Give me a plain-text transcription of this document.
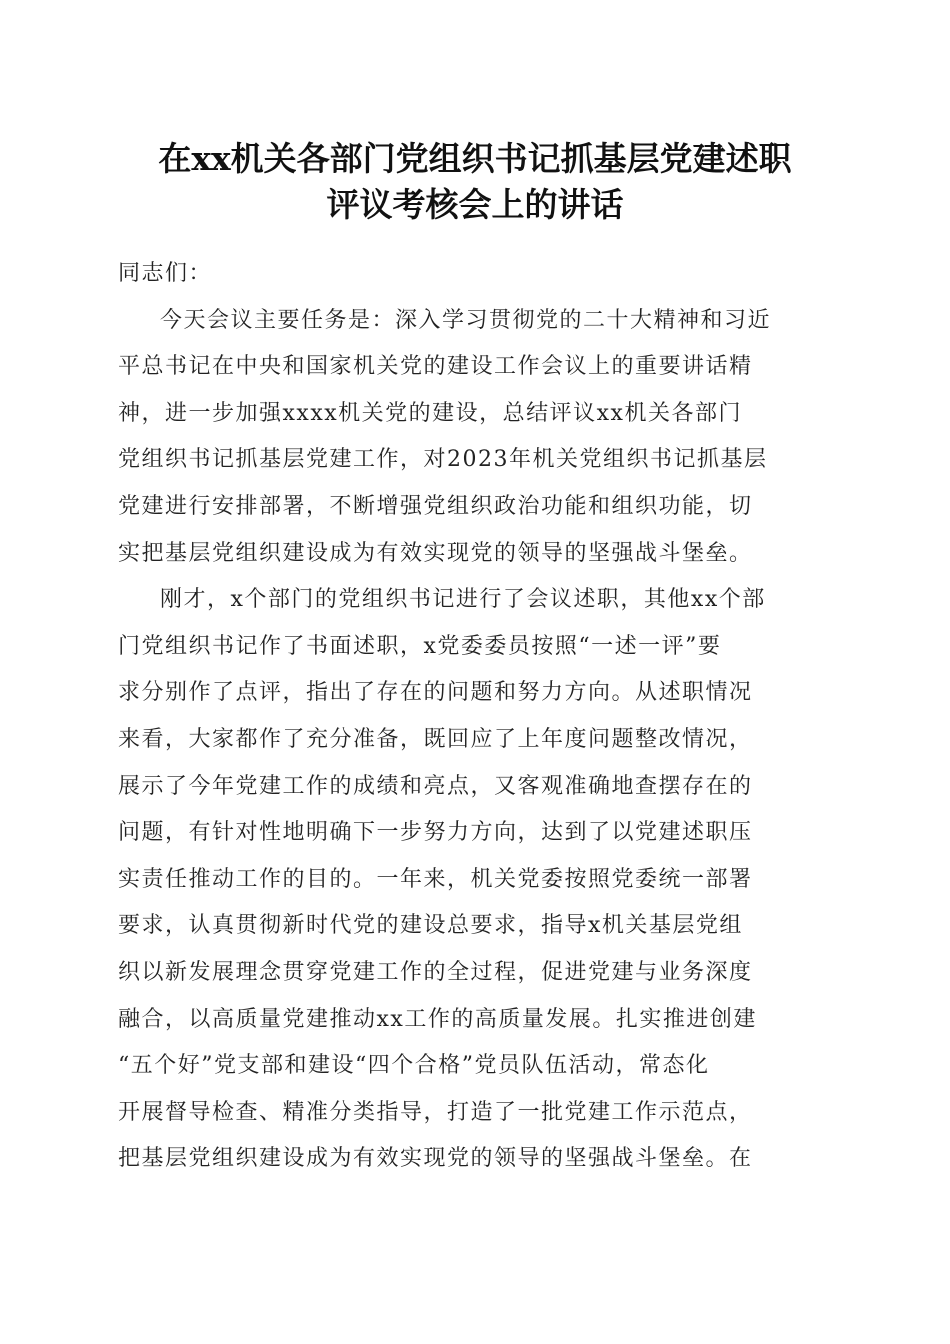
在xx机关各部门党组织书记抓基层党建述职
评议考核会上的讲话
同志们：
今天会议主要任务是：深入学习贯彻党的二十大精神和习近
平总书记在中央和国家机关党的建设工作会议上的重要讲话精
神，进一步加强xxxx机关党的建设，总结评议xx机关各部门
党组织书记抓基层党建工作，对2023年机关党组织书记抓基层
党建进行安排部署，不断增强党组织政治功能和组织功能，切
实把基层党组织建设成为有效实现党的领导的坚强战斗堡垒。
刚才，x个部门的党组织书记进行了会议述职，其他xx个部
门党组织书记作了书面述职，x党委委员按照“一述一评”要
求分别作了点评，指出了存在的问题和努力方向。从述职情况
来看，大家都作了充分准备，既回应了上年度问题整改情况，
展示了今年党建工作的成绩和亮点，又客观准确地查摆存在的
问题，有针对性地明确下一步努力方向，达到了以党建述职压
实责任推动工作的目的。一年来，机关党委按照党委统一部署
要求，认真贯彻新时代党的建设总要求，指导x机关基层党组
织以新发展理念贯穿党建工作的全过程，促进党建与业务深度
融合，以高质量党建推动xx工作的高质量发展。扎实推进创建
“五个好”党支部和建设“四个合格”党员队伍活动，常态化
开展督导检查、精准分类指导，打造了一批党建工作示范点，
把基层党组织建设成为有效实现党的领导的坚强战斗堡垒。在
